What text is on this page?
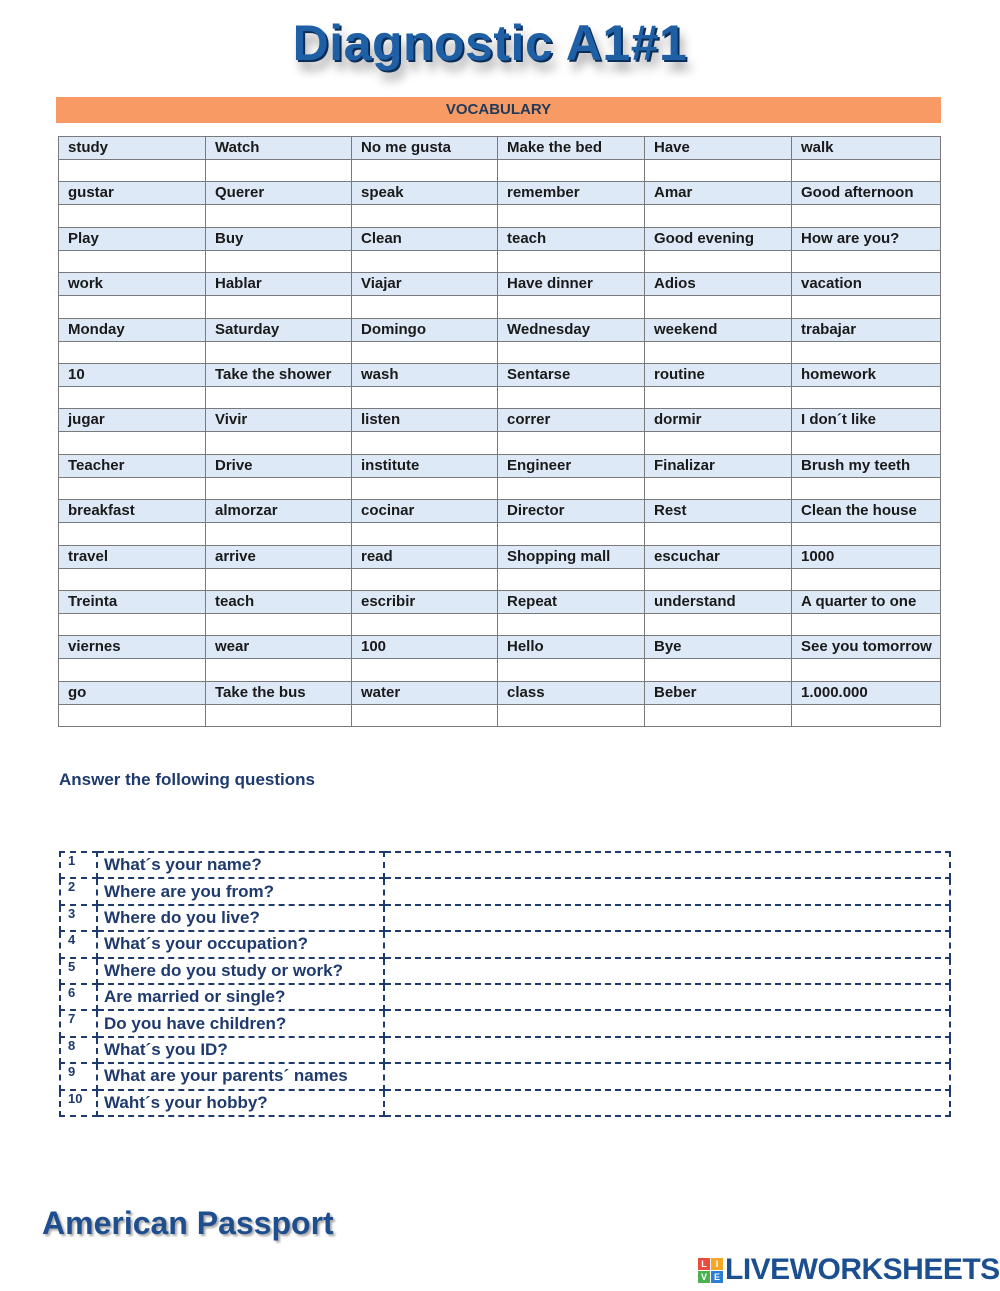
Diagnostic A1#1
VOCABULARY
study	Watch	No me gusta	Make the bed	Have	walk

gustar	Querer	speak	remember	Amar	Good afternoon

Play	Buy	Clean	teach	Good evening	How are you?

work	Hablar	Viajar	Have dinner	Adios	vacation

Monday	Saturday	Domingo	Wednesday	weekend	trabajar

10	Take the shower	wash	Sentarse	routine	homework

jugar	Vivir	listen	correr	dormir	I don´t like

Teacher	Drive	institute	Engineer	Finalizar	Brush my teeth

breakfast	almorzar	cocinar	Director	Rest	Clean the house

travel	arrive	read	Shopping mall	escuchar	1000

Treinta	teach	escribir	Repeat	understand	A quarter to one

viernes	wear	100	Hello	Bye	See you tomorrow

go	Take the bus	water	class	Beber	1.000.000

Answer the following questions
1	What´s your name?	
2	Where are you from?	
3	Where do you live?	
4	What´s your occupation?	
5	Where do you study or work?	
6	Are married or single?	
7	Do you have children?	
8	What´s you ID?	
9	What are your parents´ names	
10	Waht´s your hobby?	
American Passport
L I
V E LIVEWORKSHEETS
